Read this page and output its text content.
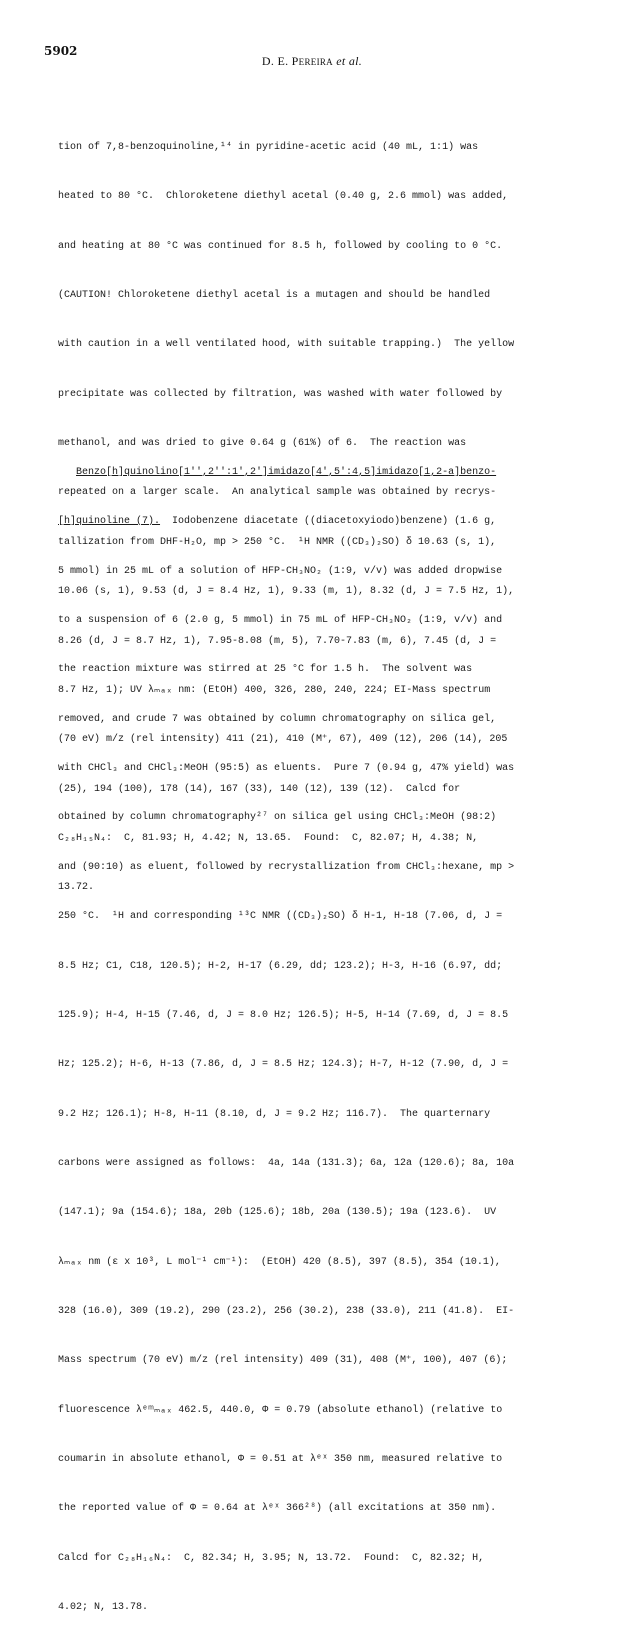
5902
D. E. PEREIRA et al.

tion of 7,8-benzoquinoline,¹⁴ in pyridine-acetic acid (40 mL, 1:1) was

heated to 80 °C.  Chloroketene diethyl acetal (0.40 g, 2.6 mmol) was added,

and heating at 80 °C was continued for 8.5 h, followed by cooling to 0 °C.

(CAUTION! Chloroketene diethyl acetal is a mutagen and should be handled

with caution in a well ventilated hood, with suitable trapping.)  The yellow

precipitate was collected by filtration, was washed with water followed by

methanol, and was dried to give 0.64 g (61%) of 6.  The reaction was

repeated on a larger scale.  An analytical sample was obtained by recrys-

tallization from DHF-H₂O, mp > 250 °C.  ¹H NMR ((CD₃)₂SO) δ 10.63 (s, 1),

10.06 (s, 1), 9.53 (d, J = 8.4 Hz, 1), 9.33 (m, 1), 8.32 (d, J = 7.5 Hz, 1),

8.26 (d, J = 8.7 Hz, 1), 7.95-8.08 (m, 5), 7.70-7.83 (m, 6), 7.45 (d, J =

8.7 Hz, 1); UV λₘₐₓ nm: (EtOH) 400, 326, 280, 240, 224; EI-Mass spectrum

(70 eV) m/z (rel intensity) 411 (21), 410 (M⁺, 67), 409 (12), 206 (14), 205

(25), 194 (100), 178 (14), 167 (33), 140 (12), 139 (12).  Calcd for

C₂₈H₁₅N₄:  C, 81.93; H, 4.42; N, 13.65.  Found:  C, 82.07; H, 4.38; N,

13.72.

Benzo[h]quinolino[1'',2'':1',2']imidazo[4',5':4,5]imidazo[1,2-a]benzo-

[h]quinoline (7).  Iodobenzene diacetate ((diacetoxyiodo)benzene) (1.6 g,

5 mmol) in 25 mL of a solution of HFP-CH₃NO₂ (1:9, v/v) was added dropwise

to a suspension of 6 (2.0 g, 5 mmol) in 75 mL of HFP-CH₃NO₂ (1:9, v/v) and

the reaction mixture was stirred at 25 °C for 1.5 h.  The solvent was

removed, and crude 7 was obtained by column chromatography on silica gel,

with CHCl₃ and CHCl₃:MeOH (95:5) as eluents.  Pure 7 (0.94 g, 47% yield) was

obtained by column chromatography²⁷ on silica gel using CHCl₃:MeOH (98:2)

and (90:10) as eluent, followed by recrystallization from CHCl₃:hexane, mp >

250 °C.  ¹H and corresponding ¹³C NMR ((CD₃)₂SO) δ H-1, H-18 (7.06, d, J =

8.5 Hz; C1, C18, 120.5); H-2, H-17 (6.29, dd; 123.2); H-3, H-16 (6.97, dd;

125.9); H-4, H-15 (7.46, d, J = 8.0 Hz; 126.5); H-5, H-14 (7.69, d, J = 8.5

Hz; 125.2); H-6, H-13 (7.86, d, J = 8.5 Hz; 124.3); H-7, H-12 (7.90, d, J =

9.2 Hz; 126.1); H-8, H-11 (8.10, d, J = 9.2 Hz; 116.7).  The quarternary

carbons were assigned as follows:  4a, 14a (131.3); 6a, 12a (120.6); 8a, 10a

(147.1); 9a (154.6); 18a, 20b (125.6); 18b, 20a (130.5); 19a (123.6).  UV

λₘₐₓ nm (ε x 10³, L mol⁻¹ cm⁻¹):  (EtOH) 420 (8.5), 397 (8.5), 354 (10.1),

328 (16.0), 309 (19.2), 290 (23.2), 256 (30.2), 238 (33.0), 211 (41.8).  EI-

Mass spectrum (70 eV) m/z (rel intensity) 409 (31), 408 (M⁺, 100), 407 (6);

fluorescence λᵉᵐₘₐₓ 462.5, 440.0, Φ = 0.79 (absolute ethanol) (relative to

coumarin in absolute ethanol, Φ = 0.51 at λᵉˣ 350 nm, measured relative to

the reported value of Φ = 0.64 at λᵉˣ 366²⁸) (all excitations at 350 nm).

Calcd for C₂₈H₁₆N₄:  C, 82.34; H, 3.95; N, 13.72.  Found:  C, 82.32; H,

4.02; N, 13.78.
